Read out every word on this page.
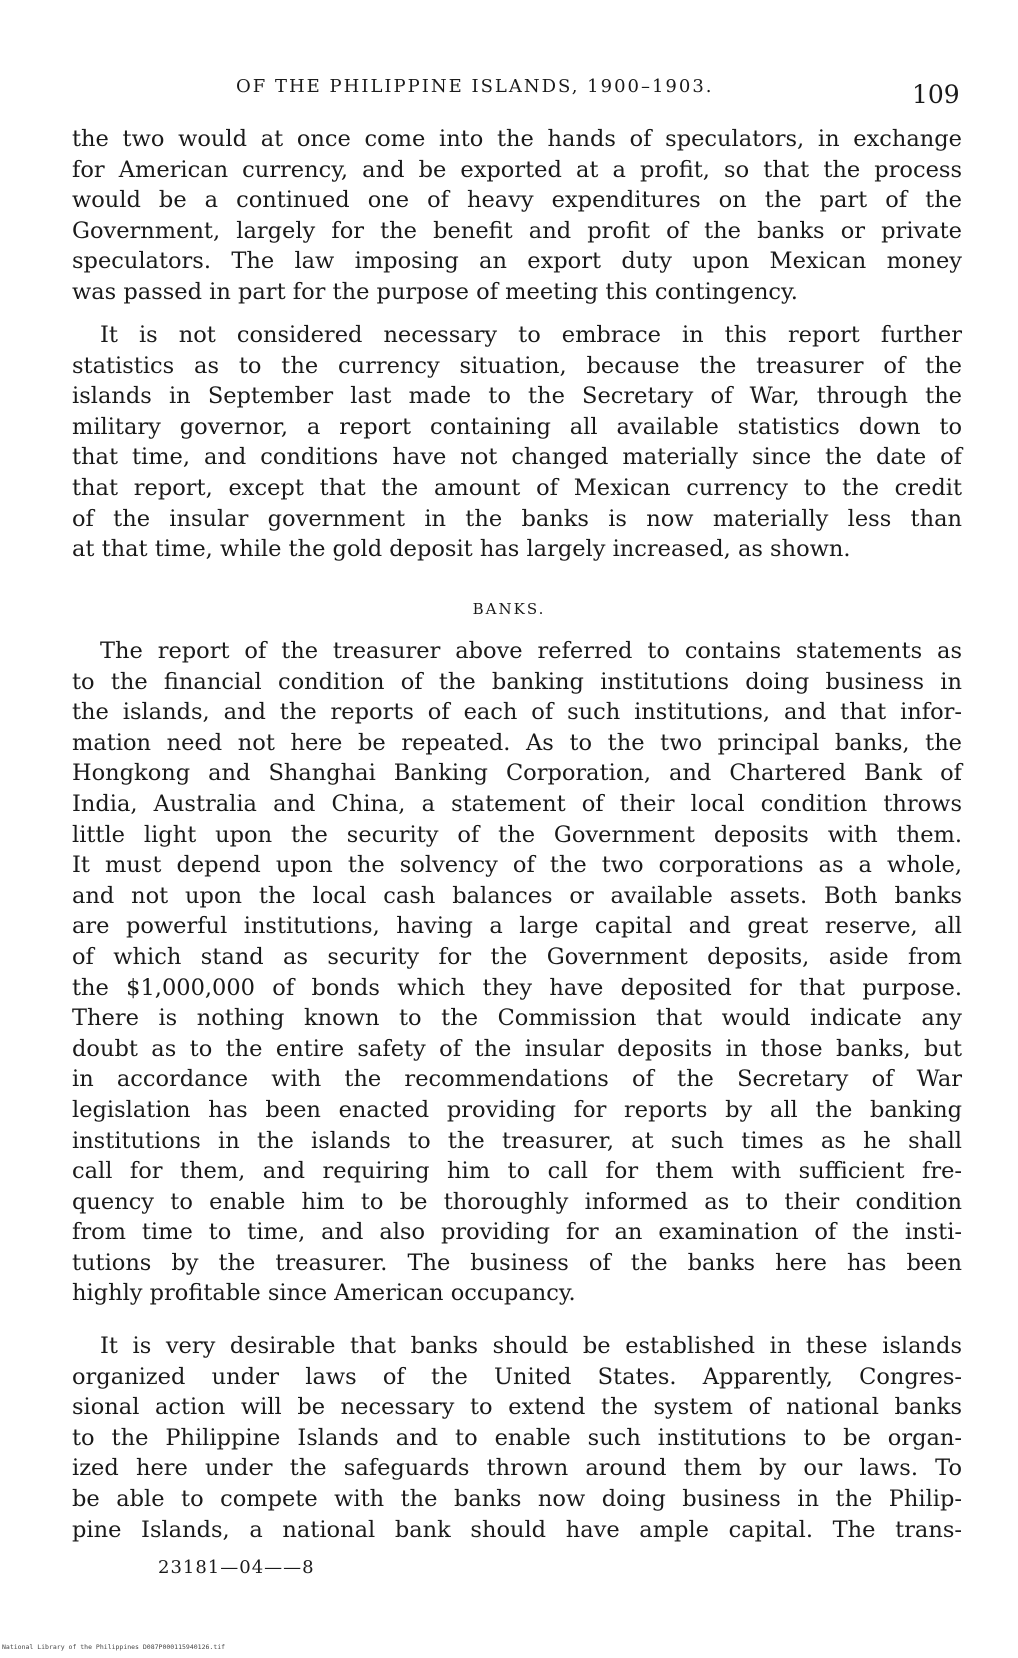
OF THE PHILIPPINE ISLANDS, 1900–1903.	109
the two would at once come into the hands of speculators, in exchange
for American currency, and be exported at a profit, so that the process
would be a continued one of heavy expenditures on the part of the
Government, largely for the benefit and profit of the banks or private
speculators. The law imposing an export duty upon Mexican money
was passed in part for the purpose of meeting this contingency.
It is not considered necessary to embrace in this report further
statistics as to the currency situation, because the treasurer of the
islands in September last made to the Secretary of War, through the
military governor, a report containing all available statistics down to
that time, and conditions have not changed materially since the date of
that report, except that the amount of Mexican currency to the credit
of the insular government in the banks is now materially less than
at that time, while the gold deposit has largely increased, as shown.
BANKS.
The report of the treasurer above referred to contains statements as
to the financial condition of the banking institutions doing business in
the islands, and the reports of each of such institutions, and that infor-
mation need not here be repeated. As to the two principal banks, the
Hongkong and Shanghai Banking Corporation, and Chartered Bank of
India, Australia and China, a statement of their local condition throws
little light upon the security of the Government deposits with them.
It must depend upon the solvency of the two corporations as a whole,
and not upon the local cash balances or available assets. Both banks
are powerful institutions, having a large capital and great reserve, all
of which stand as security for the Government deposits, aside from
the $1,000,000 of bonds which they have deposited for that purpose.
There is nothing known to the Commission that would indicate any
doubt as to the entire safety of the insular deposits in those banks, but
in accordance with the recommendations of the Secretary of War
legislation has been enacted providing for reports by all the banking
institutions in the islands to the treasurer, at such times as he shall
call for them, and requiring him to call for them with sufficient fre-
quency to enable him to be thoroughly informed as to their condition
from time to time, and also providing for an examination of the insti-
tutions by the treasurer. The business of the banks here has been
highly profitable since American occupancy.
It is very desirable that banks should be established in these islands
organized under laws of the United States. Apparently, Congres-
sional action will be necessary to extend the system of national banks
to the Philippine Islands and to enable such institutions to be organ-
ized here under the safeguards thrown around them by our laws. To
be able to compete with the banks now doing business in the Philip-
pine Islands, a national bank should have ample capital. The trans-
23181—04——8
National Library of the Philippines D087P000115940126.tif
